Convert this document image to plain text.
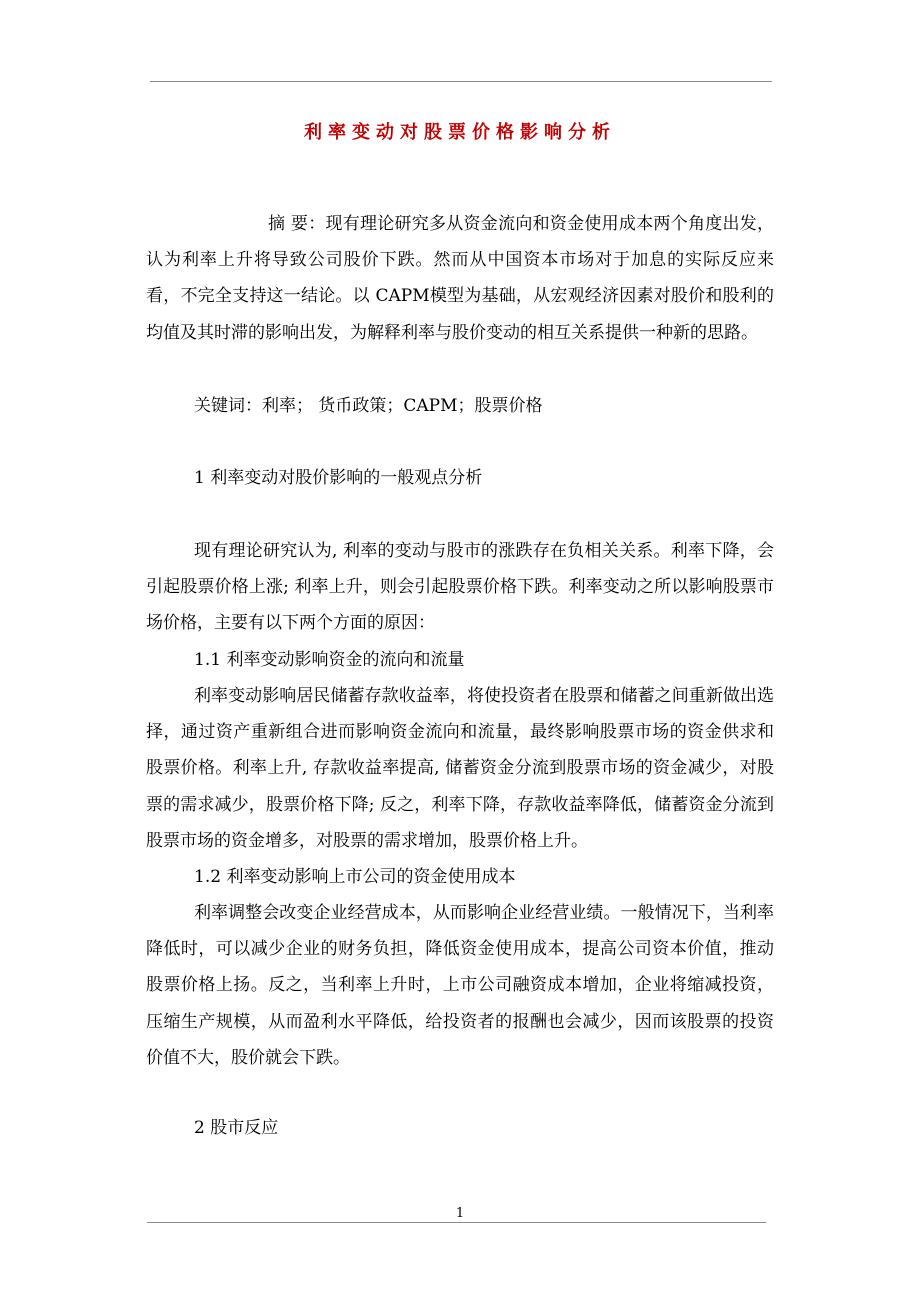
利率变动对股票价格影响分析

摘 要：现有理论研究多从资金流向和资金使用成本两个角度出发，认为利率上升将导致公司股价下跌。然而从中国资本市场对于加息的实际反应来看，不完全支持这一结论。以 CAPM模型为基础，从宏观经济因素对股价和股利的均值及其时滞的影响出发，为解释利率与股价变动的相互关系提供一种新的思路。

关键词：利率； 货币政策；CAPM；股票价格

1 利率变动对股价影响的一般观点分析

现有理论研究认为, 利率的变动与股市的涨跌存在负相关关系。利率下降，会引起股票价格上涨; 利率上升，则会引起股票价格下跌。利率变动之所以影响股票市场价格，主要有以下两个方面的原因：

1.1 利率变动影响资金的流向和流量

利率变动影响居民储蓄存款收益率，将使投资者在股票和储蓄之间重新做出选择，通过资产重新组合进而影响资金流向和流量，最终影响股票市场的资金供求和股票价格。利率上升, 存款收益率提高, 储蓄资金分流到股票市场的资金减少，对股票的需求减少，股票价格下降; 反之，利率下降，存款收益率降低，储蓄资金分流到股票市场的资金增多，对股票的需求增加，股票价格上升。

1.2 利率变动影响上市公司的资金使用成本

利率调整会改变企业经营成本，从而影响企业经营业绩。一般情况下，当利率降低时，可以减少企业的财务负担，降低资金使用成本，提高公司资本价值，推动股票价格上扬。反之，当利率上升时，上市公司融资成本增加，企业将缩减投资，压缩生产规模，从而盈利水平降低，给投资者的报酬也会减少，因而该股票的投资价值不大，股价就会下跌。

2 股市反应

1
